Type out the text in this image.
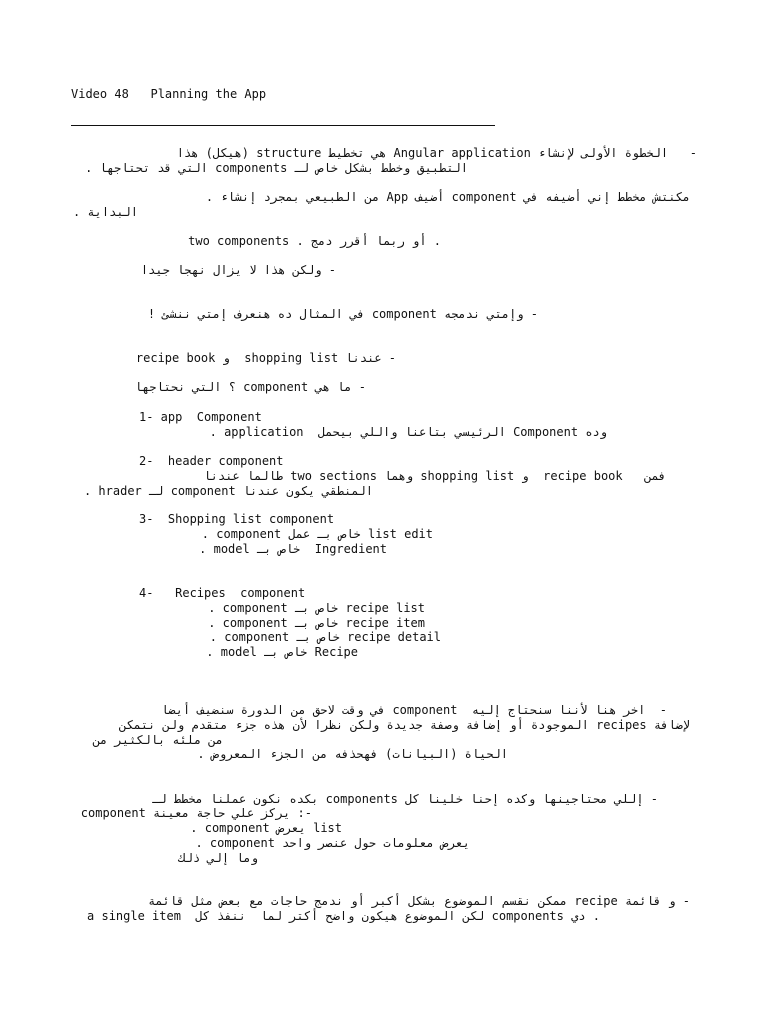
Video 48   Planning the App
-   الخطوة الأولى لإنشاء Angular application هي تخطيط structure (هيكل) هذا
التطبيق وخطط بشكل خاص لـ components التي قد تحتاجها .
مكنتش مخطط إني أضيفه في component أضيف App من الطبيعي بمجرد إنشاء .
البداية .
two components . أو ربما أقرر دمج .
- ولكن هذا لا يزال نهجا جيدا
- وإمتي ندمجه component في المثال ده هنعرف إمتي ننشئ !
- عندنا shopping list  و recipe book
- ما هي component ؟ التي نحتاجها
1- app  Component
وده Component الرئيسي بتاعنا واللي بيحمل  application .
2-  header component
فمن   recipe book  و shopping list وهما two sections طالما عندنا
المنطقي يكون عندنا component لـ hrader .
3-  Shopping list component
. component خاص بـ عمل list edit
. model خاص بـ  Ingredient
4-   Recipes  component
. component خاص بـ recipe list
. component خاص بـ recipe item
. component خاص بـ recipe detail
. model خاص بـ Recipe
-  اخر هنا لأننا سنحتاج إليه  component في وقت لاحق من الدورة سنضيف أيضا
لإضافة recipes الموجودة أو إضافة وصفة جديدة ولكن نظرا لأن هذه جزء متقدم ولن نتمكن
من ملئه بالكثير من
الحياة (البيانات) فهحذفه من الجزء المعروض .
- إللي محتاجينها وكده إحنا خلينا كل components بكده نكون عملنا مخطط لـ
component يركز علي حاجة معينة :-
. component يعرض list
. component يعرض معلومات حول عنصر واحد
وما إلي ذلك
- و قائمة recipe ممكن نقسم الموضوع بشكل أكبر أو ندمج حاجات مع بعض مثل قائمة
a single item  لكن الموضوع هيكون واضح أكتر لما  ننفذ كل components دي .
